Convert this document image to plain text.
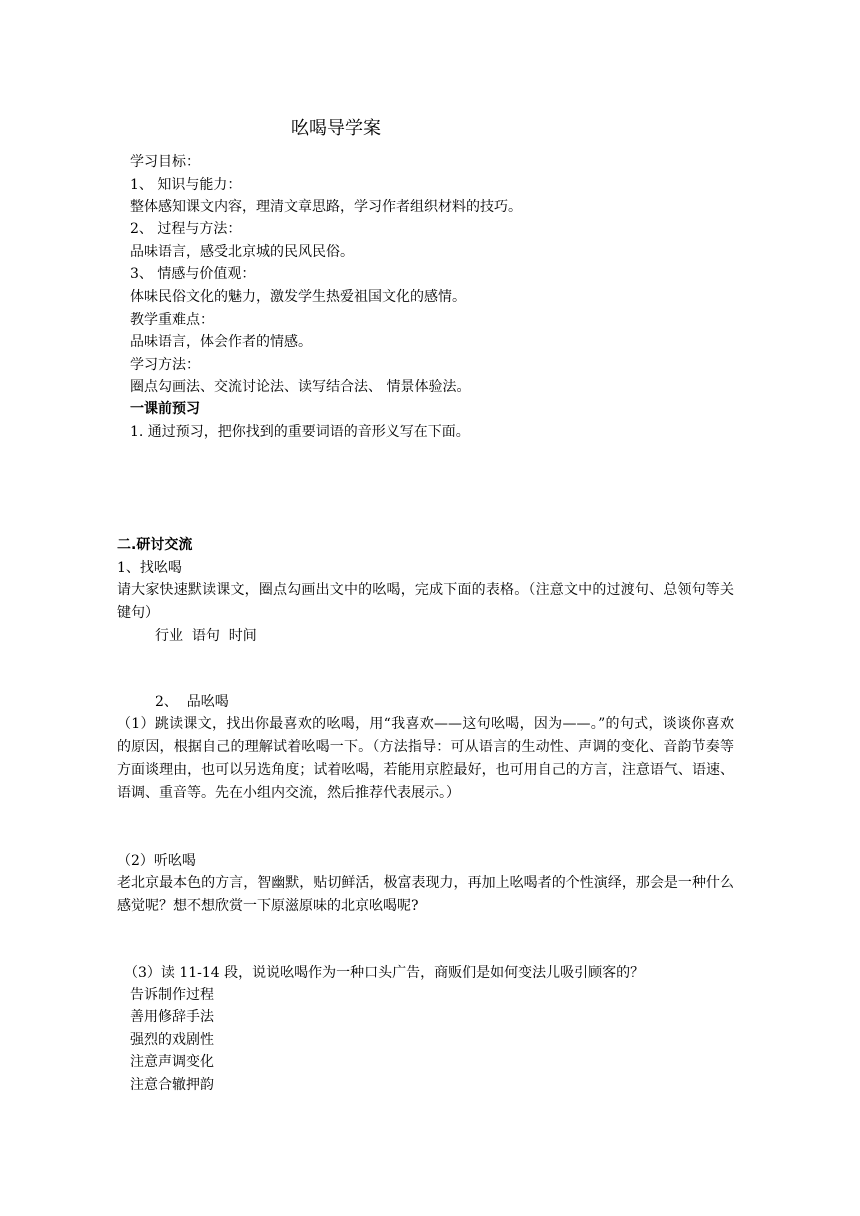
吆喝导学案
学习目标：
1、 知识与能力：
整体感知课文内容，理清文章思路，学习作者组织材料的技巧。
2、 过程与方法：
品味语言，感受北京城的民风民俗。
3、 情感与价值观：
体味民俗文化的魅力，激发学生热爱祖国文化的感情。
教学重难点：
品味语言，体会作者的情感。
学习方法：
圈点勾画法、交流讨论法、读写结合法、 情景体验法。
一课前预习
1. 通过预习，把你找到的重要词语的音形义写在下面。
二.研讨交流
1、找吆喝
请大家快速默读课文，圈点勾画出文中的吆喝，完成下面的表格。（注意文中的过渡句、总领句等关键句）
行业  语句  时间
2、  品吆喝
（1）跳读课文，找出你最喜欢的吆喝，用“我喜欢——这句吆喝，因为——。”的句式，谈谈你喜欢的原因，根据自己的理解试着吆喝一下。（方法指导：可从语言的生动性、声调的变化、音韵节奏等方面谈理由，也可以另选角度；试着吆喝，若能用京腔最好，也可用自己的方言，注意语气、语速、语调、重音等。先在小组内交流，然后推荐代表展示。）
（2）听吆喝
老北京最本色的方言，智幽默，贴切鲜活，极富表现力，再加上吆喝者的个性演绎，那会是一种什么感觉呢？想不想欣赏一下原滋原味的北京吆喝呢?
（3）读 11-14 段，说说吆喝作为一种口头广告，商贩们是如何变法儿吸引顾客的？
告诉制作过程
善用修辞手法
强烈的戏剧性
注意声调变化
注意合辙押韵
